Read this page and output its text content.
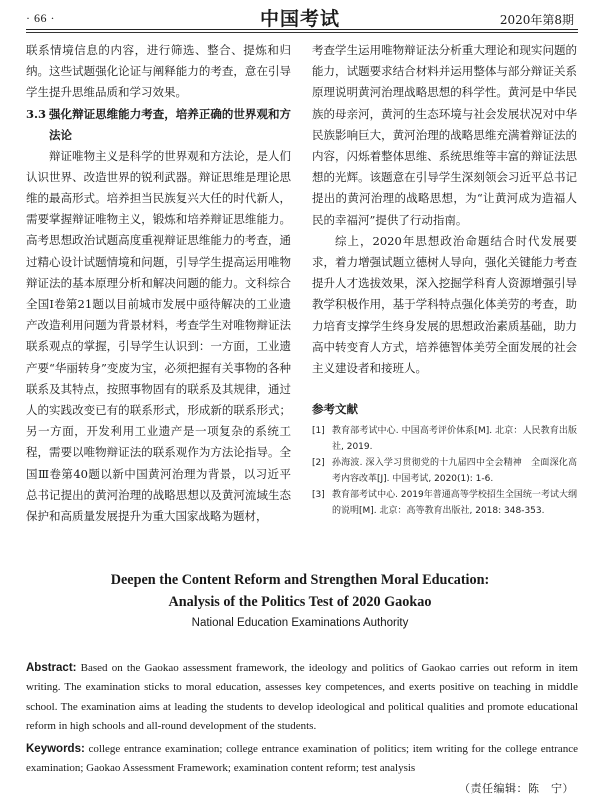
· 66 ·	中国考试	2020年第8期

联系情境信息的内容，进行筛选、整合、提炼和归纳。这些试题强化论证与阐释能力的考查，意在引导学生提升思维品质和学习效果。

3.3 强化辩证思维能力考查，培养正确的世界观和方法论

辩证唯物主义是科学的世界观和方法论，是人们认识世界、改造世界的锐利武器。辩证思维是理论思维的最高形式。培养担当民族复兴大任的时代新人，需要掌握辩证唯物主义，锻炼和培养辩证思维能力。高考思想政治试题高度重视辩证思维能力的考查，通过精心设计试题情境和问题，引导学生提高运用唯物辩证法的基本原理分析和解决问题的能力。文科综合全国Ⅰ卷第21题以目前城市发展中亟待解决的工业遗产改造利用问题为背景材料，考查学生对唯物辩证法联系观点的掌握，引导学生认识到：一方面，工业遗产要“华丽转身”变废为宝，必须把握有关事物的各种联系及其特点，按照事物固有的联系及其规律，通过人的实践改变已有的联系形式，形成新的联系形式；另一方面，开发利用工业遗产是一项复杂的系统工程，需要以唯物辩证法的联系观作为方法论指导。全国Ⅲ卷第40题以新中国黄河治理为背景，以习近平总书记提出的黄河治理的战略思想以及黄河流域生态保护和高质量发展提升为重大国家战略为题材，

考查学生运用唯物辩证法分析重大理论和现实问题的能力，试题要求结合材料并运用整体与部分辩证关系原理说明黄河治理战略思想的科学性。黄河是中华民族的母亲河，黄河的生态环境与社会发展状况对中华民族影响巨大，黄河治理的战略思维充满着辩证法的内容，闪烁着整体思维、系统思维等丰富的辩证法思想的光辉。该题意在引导学生深刻领会习近平总书记提出的黄河治理的战略思想，为“让黄河成为造福人民的幸福河”提供了行动指南。

综上，2020年思想政治命题结合时代发展要求，着力增强试题立德树人导向，强化关键能力考查提升人才选拔效果，深入挖掘学科育人资源增强引导教学积极作用，基于学科特点强化体美劳的考查，助力培育支撑学生终身发展的思想政治素质基础，助力高中转变育人方式，培养德智体美劳全面发展的社会主义建设者和接班人。

参考文献
[1] 教育部考试中心. 中国高考评价体系[M]. 北京：人民教育出版社, 2019.
[2] 孙海波. 深入学习贯彻党的十九届四中全会精神　全面深化高考内容改革[J]. 中国考试, 2020(1): 1-6.
[3] 教育部考试中心. 2019年普通高等学校招生全国统一考试大纲的说明[M]. 北京：高等教育出版社, 2018: 348-353.
Deepen the Content Reform and Strengthen Moral Education:
Analysis of the Politics Test of 2020 Gaokao
National Education Examinations Authority
Abstract: Based on the Gaokao assessment framework, the ideology and politics of Gaokao carries out reform in item writing. The examination sticks to moral education, assesses key competences, and exerts positive on teaching in middle school. The examination aims at leading the students to develop ideological and political qualities and promote educational reform in high schools and all-round development of the students.
Keywords: college entrance examination; college entrance examination of politics; item writing for the college entrance examination; Gaokao Assessment Framework; examination content reform; test analysis
（责任编辑：陈　宁）
